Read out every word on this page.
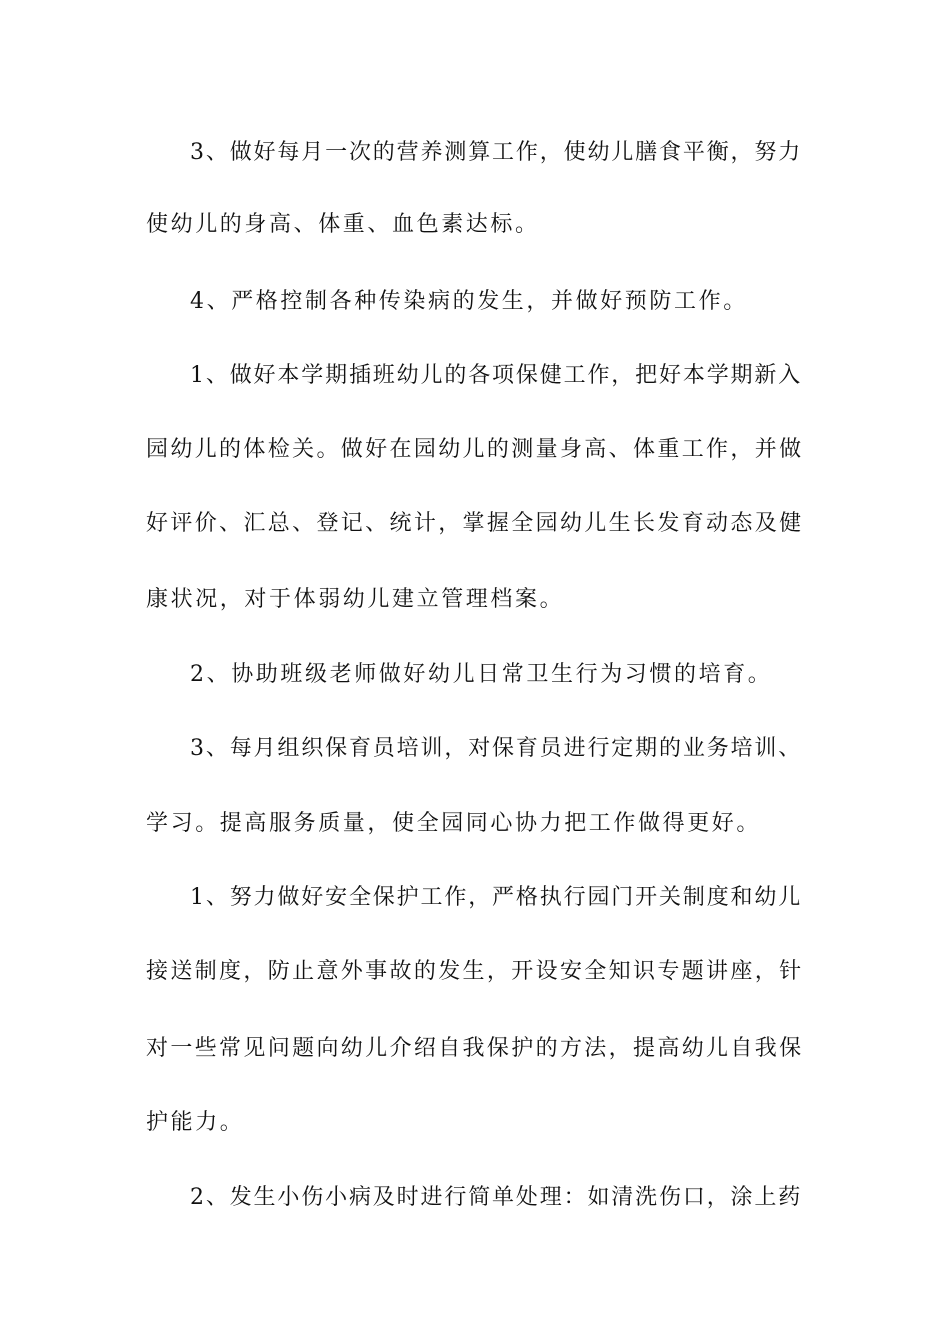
3、做好每月一次的营养测算工作，使幼儿膳食平衡，努力
使幼儿的身高、体重、血色素达标。
4、严格控制各种传染病的发生，并做好预防工作。
1、做好本学期插班幼儿的各项保健工作，把好本学期新入
园幼儿的体检关。做好在园幼儿的测量身高、体重工作，并做
好评价、汇总、登记、统计，掌握全园幼儿生长发育动态及健
康状况，对于体弱幼儿建立管理档案。
2、协助班级老师做好幼儿日常卫生行为习惯的培育。
3、每月组织保育员培训，对保育员进行定期的业务培训、
学习。提高服务质量，使全园同心协力把工作做得更好。
1、努力做好安全保护工作，严格执行园门开关制度和幼儿
接送制度，防止意外事故的发生，开设安全知识专题讲座，针
对一些常见问题向幼儿介绍自我保护的方法，提高幼儿自我保
护能力。
2、发生小伤小病及时进行简单处理：如清洗伤口，涂上药
